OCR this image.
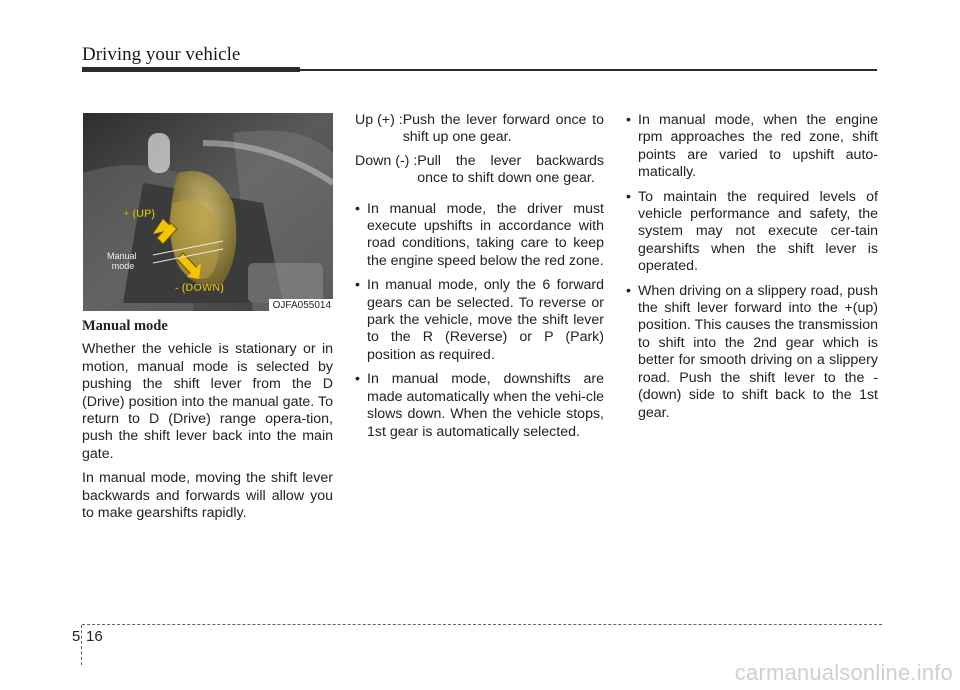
Driving your vehicle
+ (UP)
- (DOWN)
Manual mode
OJFA055014
Manual mode

Whether the vehicle is stationary or in motion, manual mode is selected by pushing the shift lever from the D (Drive) position into the manual gate. To return to D (Drive) range opera-tion, push the shift lever back into the main gate.

In manual mode, moving the shift lever backwards and forwards will allow you to make gearshifts rapidly.

Up (+) : Push the lever forward once to shift up one gear.
Down (-) : Pull the lever backwards once to shift down one gear.
• In manual mode, the driver must execute upshifts in accordance with road conditions, taking care to keep the engine speed below the red zone.
• In manual mode, only the 6 forward gears can be selected. To reverse or park the vehicle, move the shift lever to the R (Reverse) or P (Park) position as required.
• In manual mode, downshifts are made automatically when the vehi-cle slows down. When the vehicle stops, 1st gear is automatically selected.
• In manual mode, when the engine rpm approaches the red zone, shift points are varied to upshift auto-matically.
• To maintain the required levels of vehicle performance and safety, the system may not execute cer-tain gearshifts when the shift lever is operated.
• When driving on a slippery road, push the shift lever forward into the +(up) position. This causes the transmission to shift into the 2nd gear which is better for smooth driving on a slippery road. Push the shift lever to the -(down) side to shift back to the 1st gear.
5 16
carmanualsonline.info
